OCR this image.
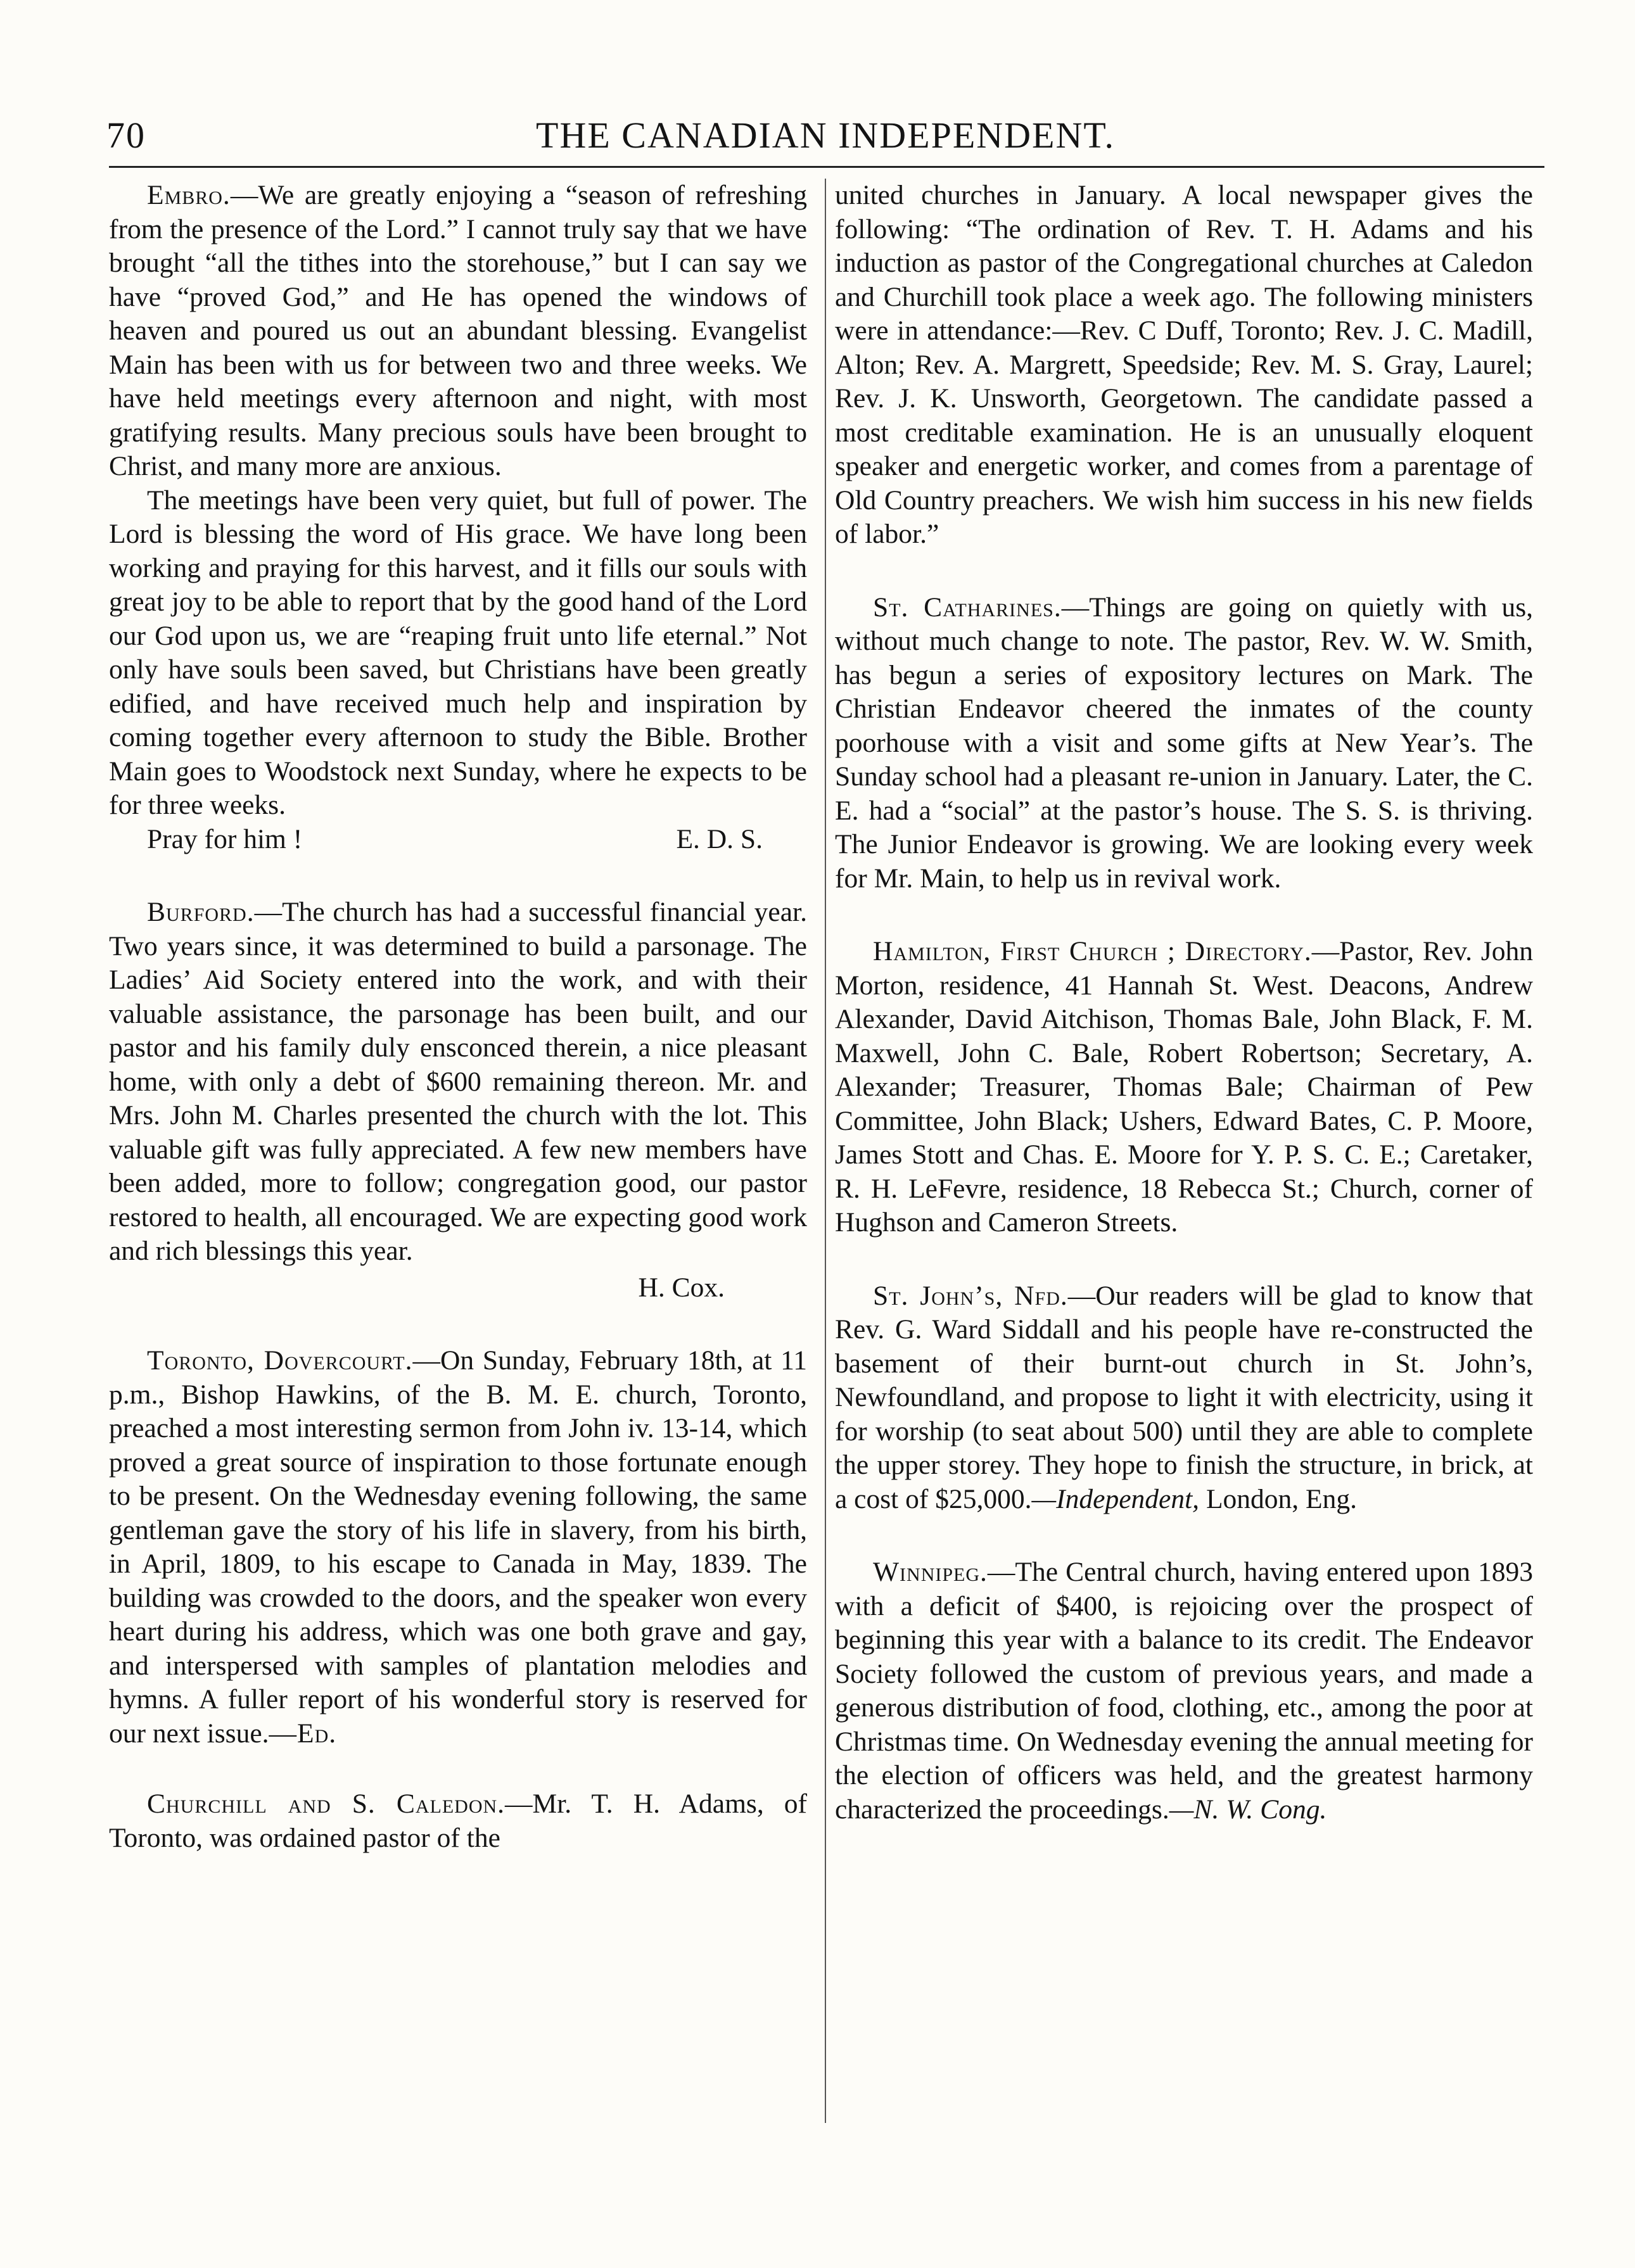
70	THE CANADIAN INDEPENDENT.

Embro.—We are greatly enjoying a “season of refreshing from the presence of the Lord.” I cannot truly say that we have brought “all the tithes into the storehouse,” but I can say we have “proved God,” and He has opened the windows of heaven and poured us out an abundant blessing. Evangelist Main has been with us for between two and three weeks. We have held meetings every afternoon and night, with most gratifying results. Many precious souls have been brought to Christ, and many more are anxious.

The meetings have been very quiet, but full of power. The Lord is blessing the word of His grace. We have long been working and praying for this harvest, and it fills our souls with great joy to be able to report that by the good hand of the Lord our God upon us, we are “reaping fruit unto life eternal.” Not only have souls been saved, but Christians have been greatly edified, and have received much help and inspiration by coming together every afternoon to study the Bible. Brother Main goes to Woodstock next Sunday, where he expects to be for three weeks.

Pray for him !	E. D. S.

Burford.—The church has had a successful financial year. Two years since, it was determined to build a parsonage. The Ladies’ Aid Society entered into the work, and with their valuable assistance, the parsonage has been built, and our pastor and his family duly ensconced therein, a nice pleasant home, with only a debt of $600 remaining thereon. Mr. and Mrs. John M. Charles presented the church with the lot. This valuable gift was fully appreciated. A few new members have been added, more to follow; congregation good, our pastor restored to health, all encouraged. We are expecting good work and rich blessings this year.

H. Cox.

Toronto, Dovercourt.—On Sunday, February 18th, at 11 p.m., Bishop Hawkins, of the B. M. E. church, Toronto, preached a most interesting sermon from John iv. 13-14, which proved a great source of inspiration to those fortunate enough to be present. On the Wednesday evening following, the same gentleman gave the story of his life in slavery, from his birth, in April, 1809, to his escape to Canada in May, 1839. The building was crowded to the doors, and the speaker won every heart during his address, which was one both grave and gay, and interspersed with samples of plantation melodies and hymns. A fuller report of his wonderful story is reserved for our next issue.—Ed.

Churchill and S. Caledon.—Mr. T. H. Adams, of Toronto, was ordained pastor of the

united churches in January. A local newspaper gives the following: “The ordination of Rev. T. H. Adams and his induction as pastor of the Congregational churches at Caledon and Churchill took place a week ago. The following ministers were in attendance:—Rev. C Duff, Toronto; Rev. J. C. Madill, Alton; Rev. A. Margrett, Speedside; Rev. M. S. Gray, Laurel; Rev. J. K. Unsworth, Georgetown. The candidate passed a most creditable examination. He is an unusually eloquent speaker and energetic worker, and comes from a parentage of Old Country preachers. We wish him success in his new fields of labor.”

St. Catharines.—Things are going on quietly with us, without much change to note. The pastor, Rev. W. W. Smith, has begun a series of expository lectures on Mark. The Christian Endeavor cheered the inmates of the county poorhouse with a visit and some gifts at New Year’s. The Sunday school had a pleasant re-union in January. Later, the C. E. had a “social” at the pastor’s house. The S. S. is thriving. The Junior Endeavor is growing. We are looking every week for Mr. Main, to help us in revival work.

Hamilton, First Church ; Directory.—Pastor, Rev. John Morton, residence, 41 Hannah St. West. Deacons, Andrew Alexander, David Aitchison, Thomas Bale, John Black, F. M. Maxwell, John C. Bale, Robert Robertson; Secretary, A. Alexander; Treasurer, Thomas Bale; Chairman of Pew Committee, John Black; Ushers, Edward Bates, C. P. Moore, James Stott and Chas. E. Moore for Y. P. S. C. E.; Caretaker, R. H. LeFevre, residence, 18 Rebecca St.; Church, corner of Hughson and Cameron Streets.

St. John’s, Nfd.—Our readers will be glad to know that Rev. G. Ward Siddall and his people have re-constructed the basement of their burnt-out church in St. John’s, Newfoundland, and propose to light it with electricity, using it for worship (to seat about 500) until they are able to complete the upper storey. They hope to finish the structure, in brick, at a cost of $25,000.—Independent, London, Eng.

Winnipeg.—The Central church, having entered upon 1893 with a deficit of $400, is rejoicing over the prospect of beginning this year with a balance to its credit. The Endeavor Society followed the custom of previous years, and made a generous distribution of food, clothing, etc., among the poor at Christmas time. On Wednesday evening the annual meeting for the election of officers was held, and the greatest harmony characterized the proceedings.—N. W. Cong.
